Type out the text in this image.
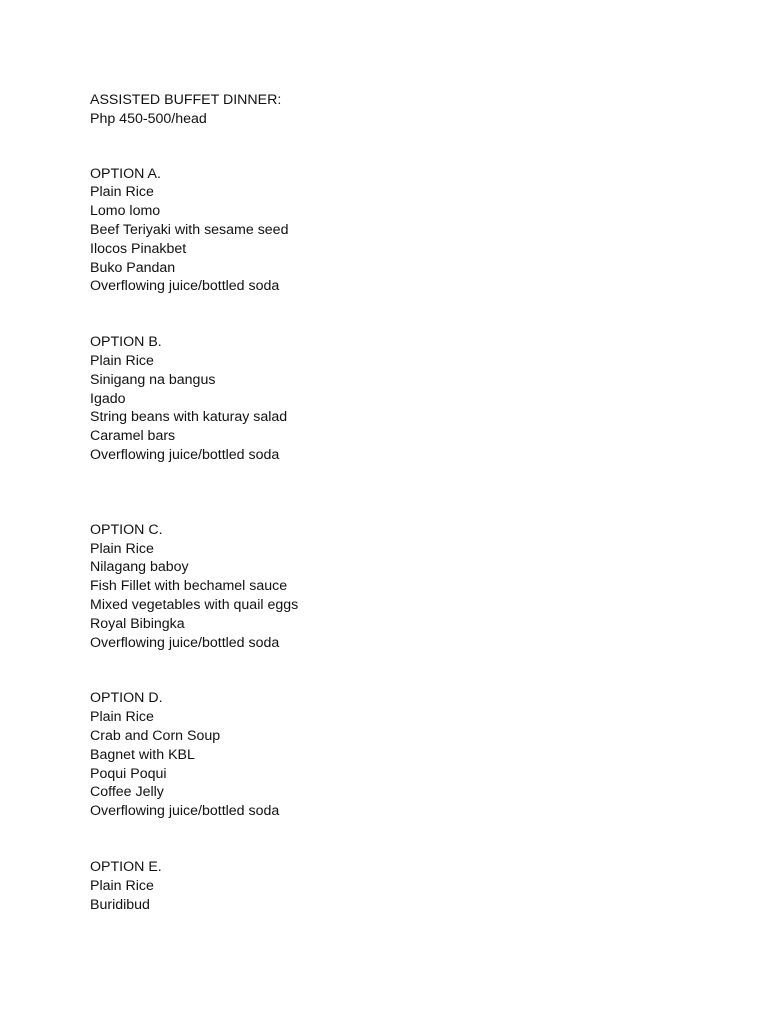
ASSISTED BUFFET DINNER:
Php 450-500/head
OPTION A.
Plain Rice
Lomo lomo
Beef Teriyaki with sesame seed
Ilocos Pinakbet
Buko Pandan
Overflowing juice/bottled soda
OPTION B.
Plain Rice
Sinigang na bangus
Igado
String beans with katuray salad
Caramel bars
Overflowing juice/bottled soda
OPTION C.
Plain Rice
Nilagang baboy
Fish Fillet with bechamel sauce
Mixed vegetables with quail eggs
Royal Bibingka
Overflowing juice/bottled soda
OPTION D.
Plain Rice
Crab and Corn Soup
Bagnet with KBL
Poqui Poqui
Coffee Jelly
Overflowing juice/bottled soda
OPTION E.
Plain Rice
Buridibud
